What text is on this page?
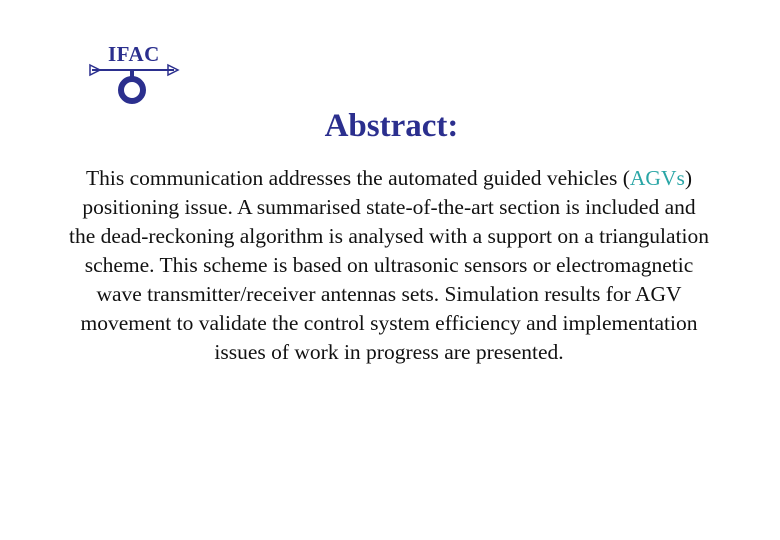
IFAC
Abstract:

This communication addresses the automated guided vehicles (AGVs) positioning issue. A summarised state-of-the-art section is included and the dead-reckoning algorithm is analysed with a support on a triangulation scheme. This scheme is based on ultrasonic sensors or electromagnetic wave transmitter/receiver antennas sets. Simulation results for AGV movement to validate the control system efficiency and implementation issues of work in progress are presented.
